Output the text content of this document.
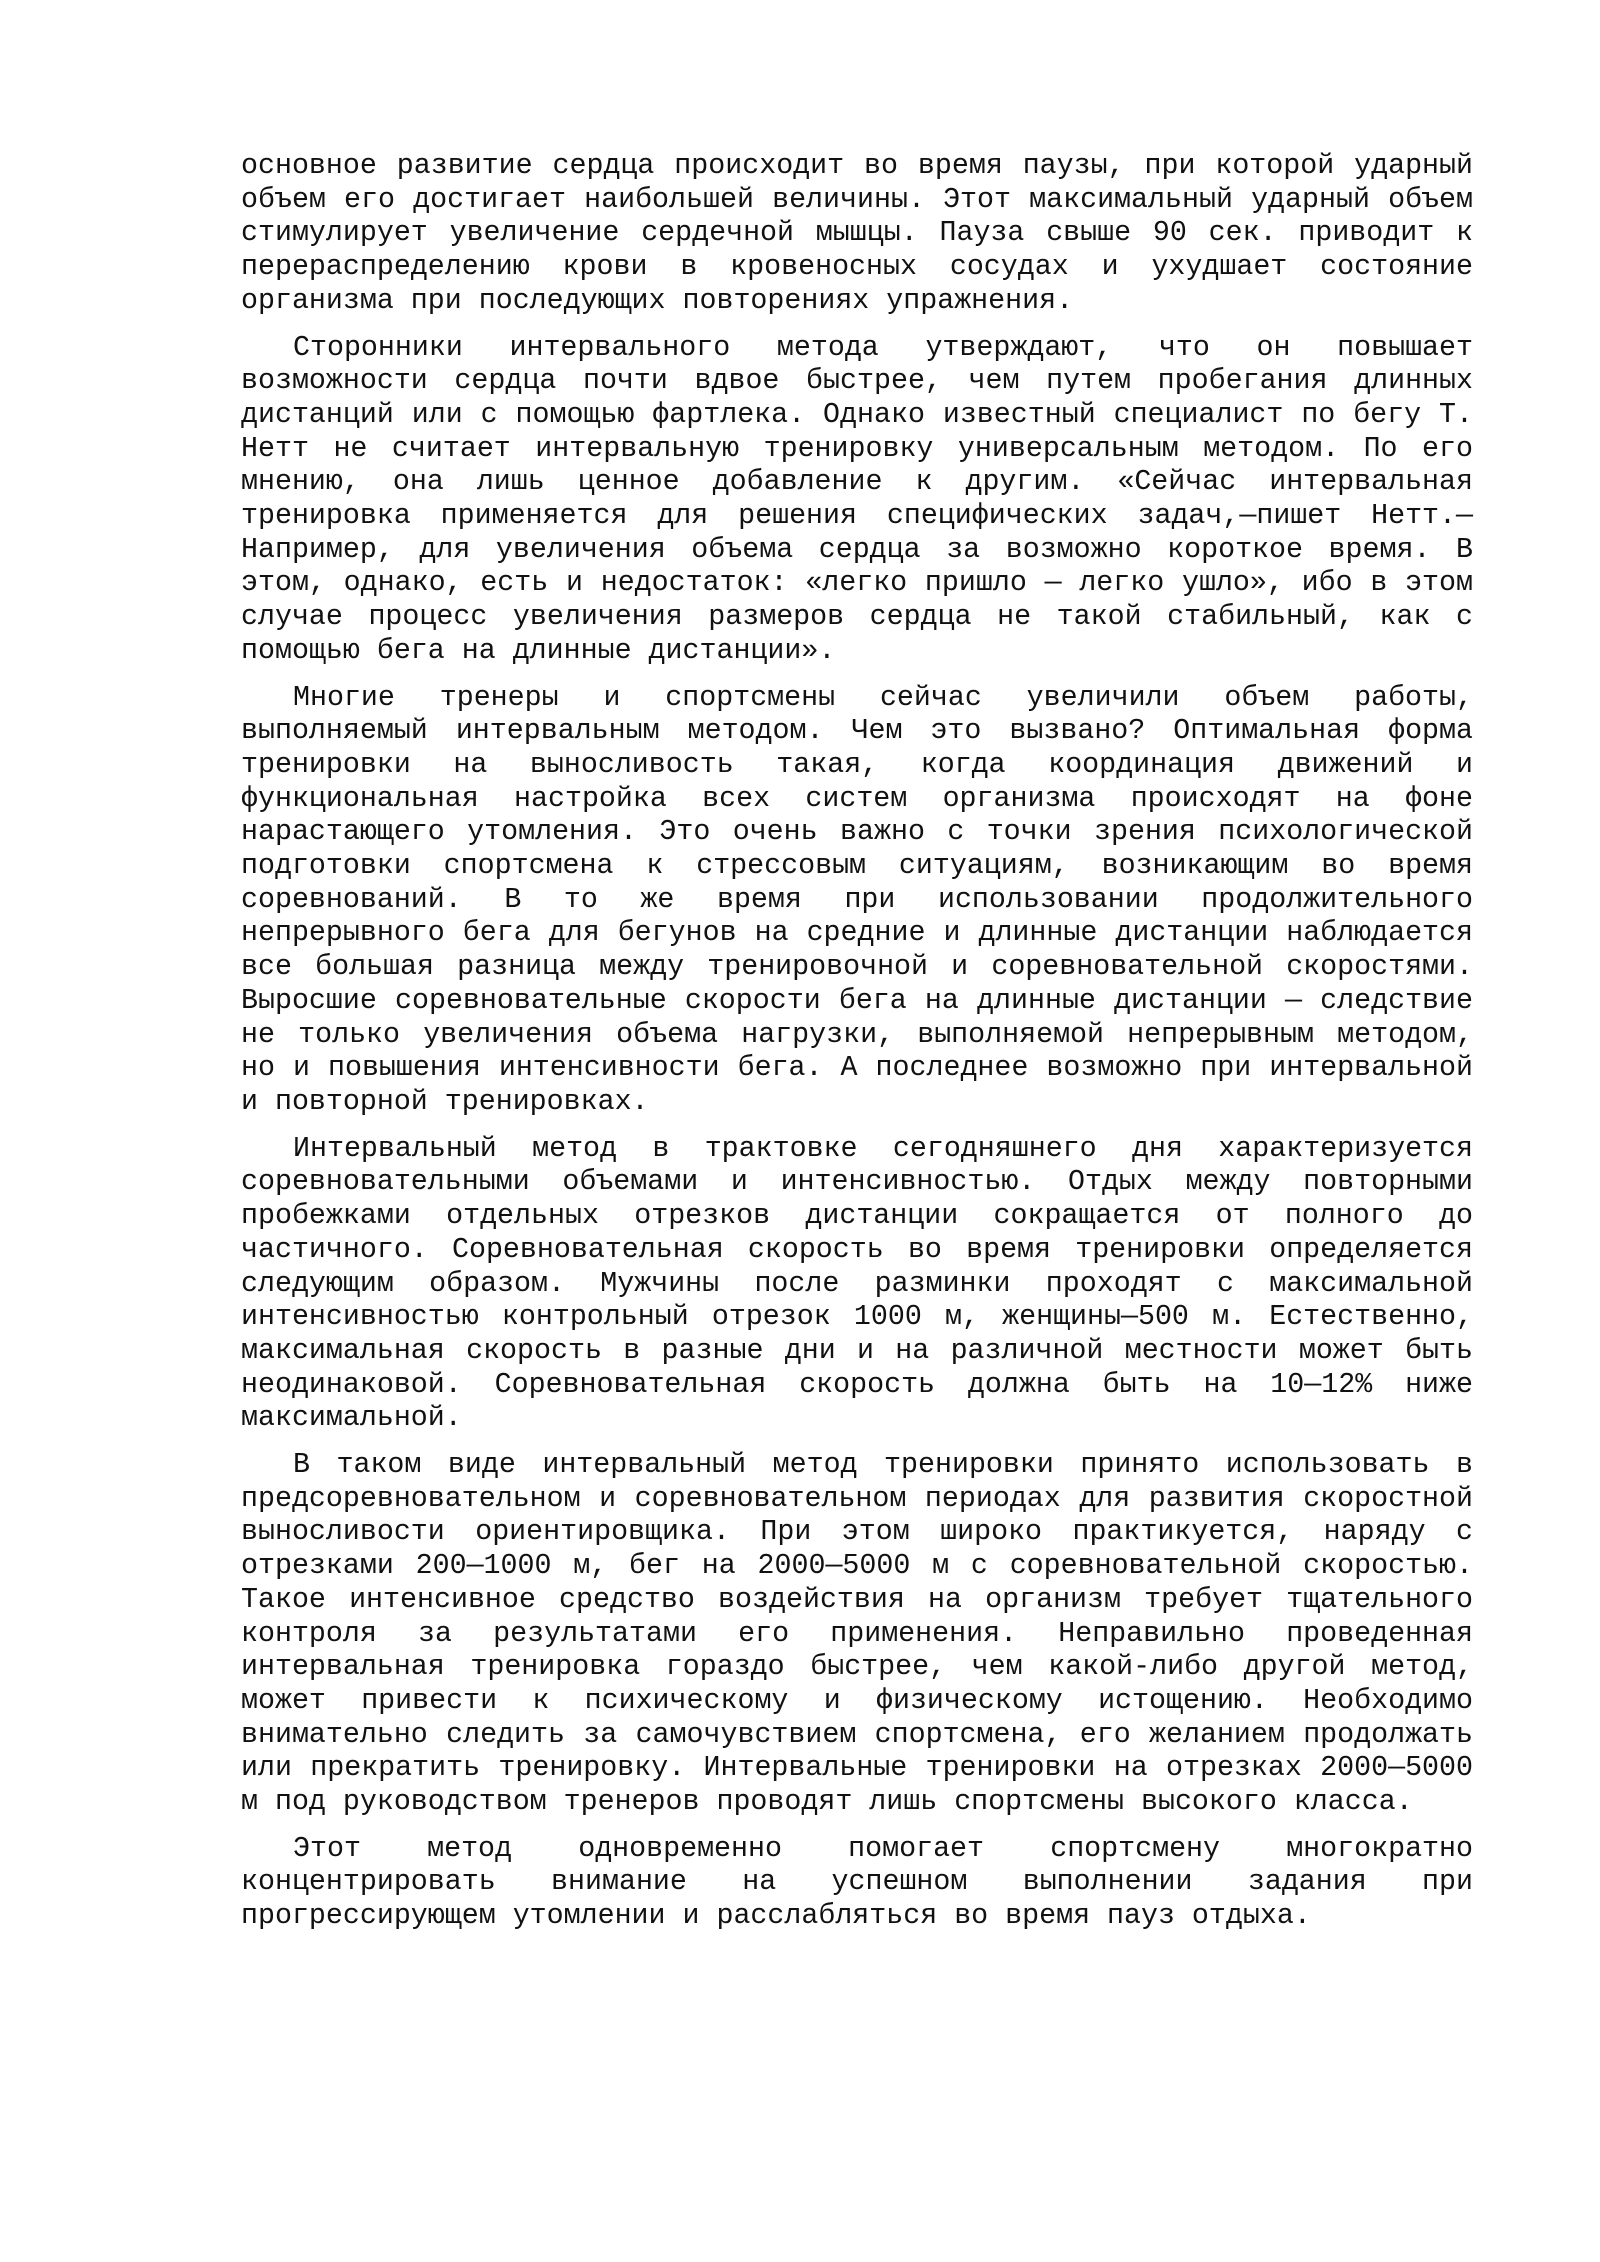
основное развитие сердца происходит во время паузы, при которой ударный объем его достигает наибольшей величины. Этот максимальный ударный объем стимулирует увеличение сердечной мышцы. Пауза свыше 90 сек. приводит к перераспределению крови в кровеносных сосудах и ухудшает состояние организма при последующих повторениях упражнения.

Сторонники интервального метода утверждают, что он повышает возможности сердца почти вдвое быстрее, чем путем пробегания длинных дистанций или с помощью фартлека. Однако известный специалист по бегу Т. Нетт не считает интервальную тренировку универсальным методом. По его мнению, она лишь ценное добавление к другим. «Сейчас интервальная тренировка применяется для решения специфических задач,—пишет Нетт.— Например, для увеличения объема сердца за возможно короткое время. В этом, однако, есть и недостаток: «легко пришло — легко ушло», ибо в этом случае процесс увеличения размеров сердца не такой стабильный, как с помощью бега на длинные дистанции».

Многие тренеры и спортсмены сейчас увеличили объем работы, выполняемый интервальным методом. Чем это вызвано? Оптимальная форма тренировки на выносливость такая, когда координация движений и функциональная настройка всех систем организма происходят на фоне нарастающего утомления. Это очень важно с точки зрения психологической подготовки спортсмена к стрессовым ситуациям, возникающим во время соревнований. В то же время при использовании продолжительного непрерывного бега для бегунов на средние и длинные дистанции наблюдается все большая разница между тренировочной и соревновательной скоростями. Выросшие соревновательные скорости бега на длинные дистанции — следствие не только увеличения объема нагрузки, выполняемой непрерывным методом, но и повышения интенсивности бега. А последнее возможно при интервальной и повторной тренировках.

Интервальный метод в трактовке сегодняшнего дня характеризуется соревновательными объемами и интенсивностью. Отдых между повторными пробежками отдельных отрезков дистанции сокращается от полного до частичного. Соревновательная скорость во время тренировки определяется следующим образом. Мужчины после разминки проходят с максимальной интенсивностью контрольный отрезок 1000 м, женщины—500 м. Естественно, максимальная скорость в разные дни и на различной местности может быть неодинаковой. Соревновательная скорость должна быть на 10—12% ниже максимальной.

В таком виде интервальный метод тренировки принято использовать в предсоревновательном и соревновательном периодах для развития скоростной выносливости ориентировщика. При этом широко практикуется, наряду с отрезками 200—1000 м, бег на 2000—5000 м с соревновательной скоростью. Такое интенсивное средство воздействия на организм требует тщательного контроля за результатами его применения. Неправильно проведенная интервальная тренировка гораздо быстрее, чем какой-либо другой метод, может привести к психическому и физическому истощению. Необходимо внимательно следить за самочувствием спортсмена, его желанием продолжать или прекратить тренировку. Интервальные тренировки на отрезках 2000—5000 м под руководством тренеров проводят лишь спортсмены высокого класса.

Этот метод одновременно помогает спортсмену многократно концентрировать внимание на успешном выполнении задания при прогрессирующем утомлении и расслабляться во время пауз отдыха.
